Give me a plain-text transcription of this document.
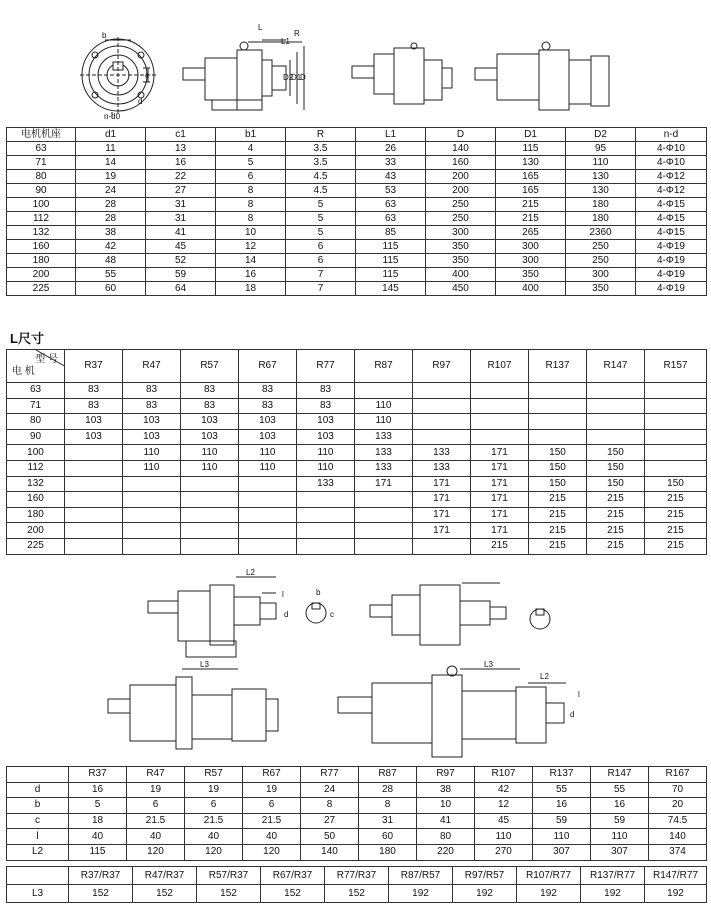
b
c
d
n-d0
L
L1
R
D2
D1
D
电机机座	d1	c1	b1	R	L1	D	D1	D2	n-d
63	11	13	4	3.5	26	140	115	95	4-Φ10
71	14	16	5	3.5	33	160	130	110	4-Φ10
80	19	22	6	4.5	43	200	165	130	4-Φ12
90	24	27	8	4.5	53	200	165	130	4-Φ12
100	28	31	8	5	63	250	215	180	4-Φ15
112	28	31	8	5	63	250	215	180	4-Φ15
132	38	41	10	5	85	300	265	2360	4-Φ15
160	42	45	12	6	115	350	300	250	4-Φ19
180	48	52	14	6	115	350	300	250	4-Φ19
200	55	59	16	7	115	400	350	300	4-Φ19
225	60	64	18	7	145	450	400	350	4-Φ19
L尺寸
型 号
电 机	R37	R47	R57	R67	R77	R87	R97	R107	R137	R147	R157
63	83	83	83	83	83						
71	83	83	83	83	83	110					
80	103	103	103	103	103	110					
90	103	103	103	103	103	133					
100		110	110	110	110	133	133	171	150	150	
112		110	110	110	110	133	133	171	150	150	
132					133	171	171	171	150	150	150
160							171	171	215	215	215
180							171	171	215	215	215
200							171	171	215	215	215
225								215	215	215	215
L2
l	b
d	c
L3	L3
L2
l
d
	R37	R47	R57	R67	R77	R87	R97	R107	R137	R147	R167
d	16	19	19	19	24	28	38	42	55	55	70
b	5	6	6	6	8	8	10	12	16	16	20
c	18	21.5	21.5	21.5	27	31	41	45	59	59	74.5
l	40	40	40	40	50	60	80	110	110	110	140
L2	115	120	120	120	140	180	220	270	307	307	374
	R37/R37	R47/R37	R57/R37	R67/R37	R77/R37	R87/R57	R97/R57	R107/R77	R137/R77	R147/R77
L3	152	152	152	152	152	192	192	192	192	192
